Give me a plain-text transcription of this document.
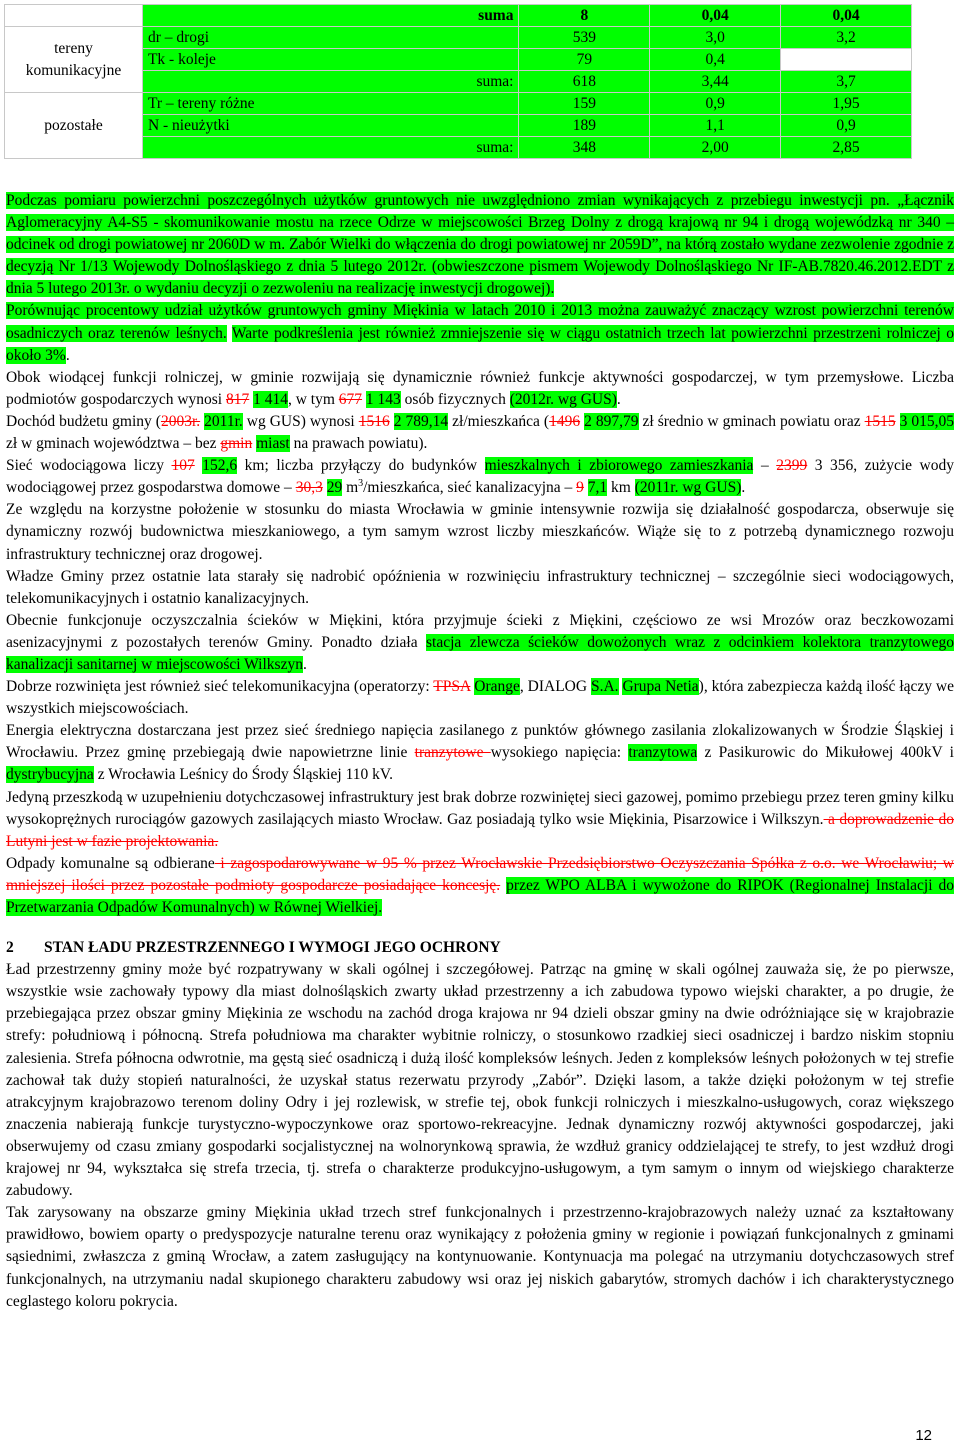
	suma	8	0,04	0,04
tereny komunikacyjne	dr – drogi	539	3,0	3,2
	Tk - koleje	79	0,4	
	suma:	618	3,44	3,7
pozostałe	Tr – tereny różne	159	0,9	1,95
	N - nieużytki	189	1,1	0,9
	suma:	348	2,00	2,85

Podczas pomiaru powierzchni poszczególnych użytków gruntowych nie uwzględniono zmian wynikających z przebiegu inwestycji pn. „Łącznik Aglomeracyjny A4-S5 - skomunikowanie mostu na rzece Odrze w miejscowości Brzeg Dolny z drogą krajową nr 94 i drogą wojewódzką nr 340 – odcinek od drogi powiatowej nr 2060D w m. Zabór Wielki do włączenia do drogi powiatowej nr 2059D”, na którą zostało wydane zezwolenie zgodnie z decyzją Nr 1/13 Wojewody Dolnośląskiego z dnia 5 lutego 2012r. (obwieszczone pismem Wojewody Dolnośląskiego Nr IF-AB.7820.46.2012.EDT z dnia 5 lutego 2013r. o wydaniu decyzji o zezwoleniu na realizację inwestycji drogowej).

Porównując procentowy udział użytków gruntowych gminy Miękinia w latach 2010 i 2013 można zauważyć znaczący wzrost powierzchni terenów osadniczych oraz terenów leśnych. Warte podkreślenia jest również zmniejszenie się w ciągu ostatnich trzech lat powierzchni przestrzeni rolniczej o około 3%.

Obok wiodącej funkcji rolniczej, w gminie rozwijają się dynamicznie również funkcje aktywności gospodarczej, w tym przemysłowe. Liczba podmiotów gospodarczych wynosi 817 1 414, w tym 677 1 143 osób fizycznych (2012r. wg GUS).

Dochód budżetu gminy (2003r. 2011r. wg GUS) wynosi 1516 2 789,14 zł/mieszkańca (1496 2 897,79 zł średnio w gminach powiatu oraz 1515 3 015,05 zł w gminach województwa – bez gmin miast na prawach powiatu).

Sieć wodociągowa liczy 107 152,6 km; liczba przyłączy do budynków mieszkalnych i zbiorowego zamieszkania – 2399 3 356, zużycie wody wodociągowej przez gospodarstwa domowe – 30,3 29 $m^3$/mieszkańca, sieć kanalizacyjna – 9 7,1 km (2011r. wg GUS).

Ze względu na korzystne położenie w stosunku do miasta Wrocławia w gminie intensywnie rozwija się działalność gospodarcza, obserwuje się dynamiczny rozwój budownictwa mieszkaniowego, a tym samym wzrost liczby mieszkańców. Wiąże się to z potrzebą dynamicznego rozwoju infrastruktury technicznej oraz drogowej.

Władze Gminy przez ostatnie lata starały się nadrobić opóźnienia w rozwinięciu infrastruktury technicznej – szczególnie sieci wodociągowych, telekomunikacyjnych i ostatnio kanalizacyjnych.

Obecnie funkcjonuje oczyszczalnia ścieków w Miękini, która przyjmuje ścieki z Miękini, częściowo ze wsi Mrozów oraz beczkowozami asenizacyjnymi z pozostałych terenów Gminy. Ponadto działa stacja zlewcza ścieków dowożonych wraz z odcinkiem kolektora tranzytowego kanalizacji sanitarnej w miejscowości Wilkszyn.

Dobrze rozwinięta jest również sieć telekomunikacyjna (operatorzy: TPSA Orange, DIALOG S.A. Grupa Netia), która zabezpiecza każdą ilość łączy we wszystkich miejscowościach.

Energia elektryczna dostarczana jest przez sieć średniego napięcia zasilanego z punktów głównego zasilania zlokalizowanych w Środzie Śląskiej i Wrocławiu. Przez gminę przebiegają dwie napowietrzne linie tranzytowe wysokiego napięcia: tranzytowa z Pasikurowic do Mikułowej 400kV i dystrybucyjna z Wrocławia Leśnicy do Środy Śląskiej 110 kV.

Jedyną przeszkodą w uzupełnieniu dotychczasowej infrastruktury jest brak dobrze rozwiniętej sieci gazowej, pomimo przebiegu przez teren gminy kilku wysokoprężnych rurociągów gazowych zasilających miasto Wrocław. Gaz posiadają tylko wsie Miękinia, Pisarzowice i Wilkszyn. a doprowadzenie do Lutyni jest w fazie projektowania.

Odpady komunalne są odbierane i zagospodarowywane w 95 % przez Wrocławskie Przedsiębiorstwo Oczyszczania Spółka z o.o. we Wrocławiu; w mniejszej ilości przez pozostałe podmioty gospodarcze posiadające koncesję. przez WPO ALBA i wywożone do RIPOK (Regionalnej Instalacji do Przetwarzania Odpadów Komunalnych) w Równej Wielkiej.

2 STAN ŁADU PRZESTRZENNEGO I WYMOGI JEGO OCHRONY

Ład przestrzenny gminy może być rozpatrywany w skali ogólnej i szczegółowej. Patrząc na gminę w skali ogólnej zauważa się, że po pierwsze, wszystkie wsie zachowały typowy dla miast dolnośląskich zwarty układ przestrzenny a ich zabudowa typowo wiejski charakter, a po drugie, że przebiegająca przez obszar gminy Miękinia ze wschodu na zachód droga krajowa nr 94 dzieli obszar gminy na dwie odróżniające się w krajobrazie strefy: południową i północną. Strefa południowa ma charakter wybitnie rolniczy, o stosunkowo rzadkiej sieci osadniczej i bardzo niskim stopniu zalesienia. Strefa północna odwrotnie, ma gęstą sieć osadniczą i dużą ilość kompleksów leśnych. Jeden z kompleksów leśnych położonych w tej strefie zachował tak duży stopień naturalności, że uzyskał status rezerwatu przyrody „Zabór”. Dzięki lasom, a także dzięki położonym w tej strefie atrakcyjnym krajobrazowo terenom doliny Odry i jej rozlewisk, w strefie tej, obok funkcji rolniczych i mieszkalno-usługowych, coraz większego znaczenia nabierają funkcje turystyczno-wypoczynkowe oraz sportowo-rekreacyjne. Jednak dynamiczny rozwój aktywności gospodarczej, jaki obserwujemy od czasu zmiany gospodarki socjalistycznej na wolnorynkową sprawia, że wzdłuż granicy oddzielającej te strefy, to jest wzdłuż drogi krajowej nr 94, wykształca się strefa trzecia, tj. strefa o charakterze produkcyjno-usługowym, a tym samym o innym od wiejskiego charakterze zabudowy.

Tak zarysowany na obszarze gminy Miękinia układ trzech stref funkcjonalnych i przestrzenno-krajobrazowych należy uznać za kształtowany prawidłowo, bowiem oparty o predyspozycje naturalne terenu oraz wynikający z położenia gminy w regionie i powiązań funkcjonalnych z gminami sąsiednimi, zwłaszcza z gminą Wrocław, a zatem zasługujący na kontynuowanie. Kontynuacja ma polegać na utrzymaniu dotychczasowych stref funkcjonalnych, na utrzymaniu nadal skupionego charakteru zabudowy wsi oraz jej niskich gabarytów, stromych dachów i ich charakterystycznego ceglastego koloru pokrycia.

12
